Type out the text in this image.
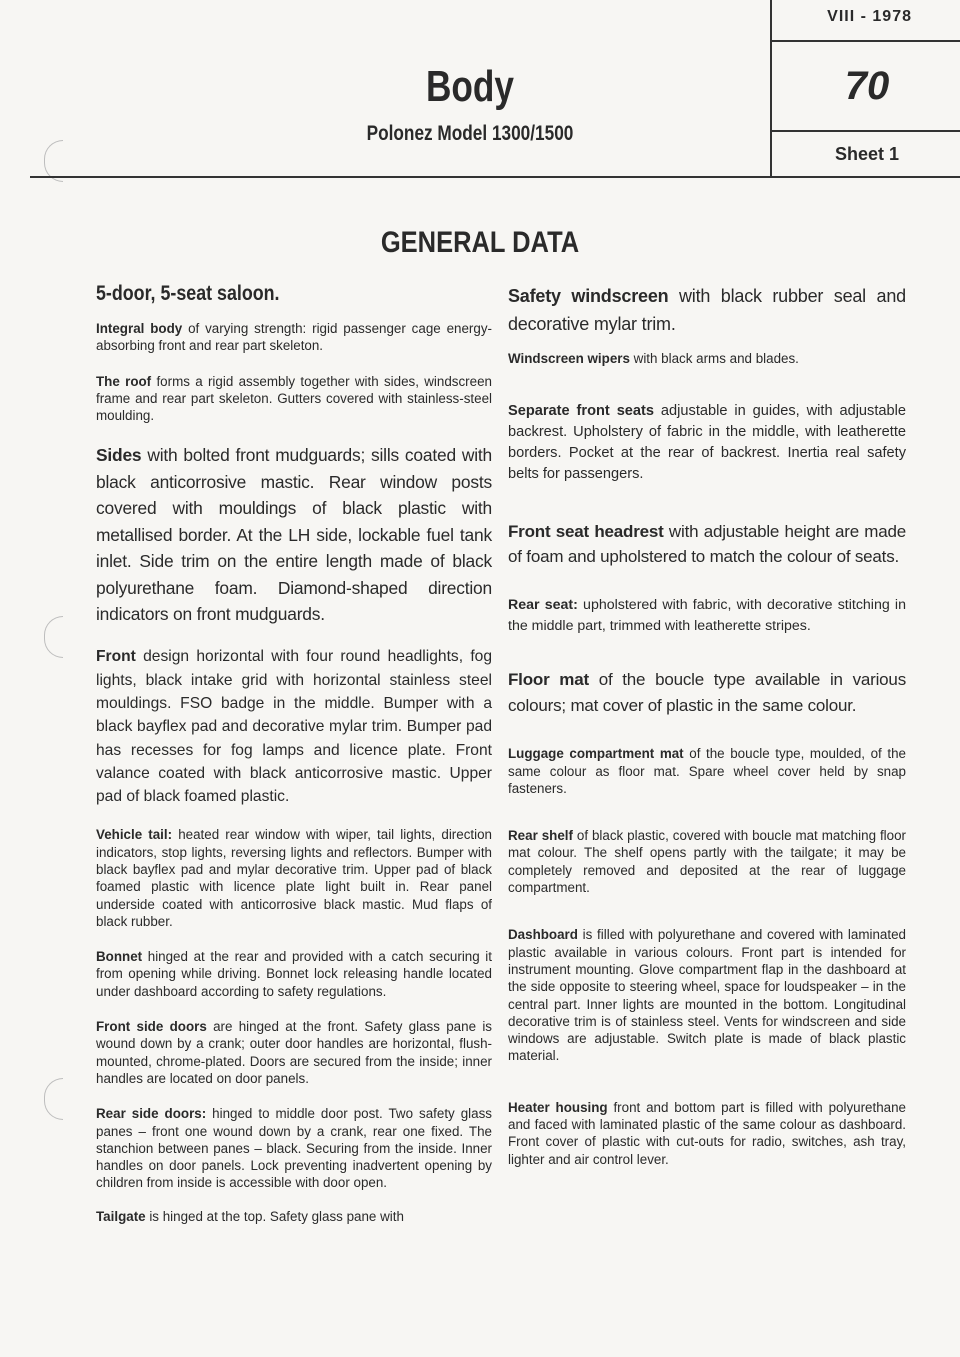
VIII - 1978
70
Sheet 1
Body
Polonez Model 1300/1500
GENERAL DATA
5-door, 5-seat saloon.

Integral body of varying strength: rigid passenger cage energy-absorbing front and rear part skeleton.

The roof forms a rigid assembly together with sides, windscreen frame and rear part skeleton. Gutters covered with stainless-steel moulding.

Sides with bolted front mudguards; sills coated with black anticorrosive mastic. Rear window posts covered with mouldings of black plastic with metallised border. At the LH side, lockable fuel tank inlet. Side trim on the entire length made of black polyurethane foam. Diamond-shaped direction indicators on front mudguards.

Front design horizontal with four round headlights, fog lights, black intake grid with horizontal stainless steel mouldings. FSO badge in the middle. Bumper with a black bayflex pad and decorative mylar trim. Bumper pad has recesses for fog lamps and licence plate. Front valance coated with black anticorrosive mastic. Upper pad of black foamed plastic.

Vehicle tail: heated rear window with wiper, tail lights, direction indicators, stop lights, reversing lights and reflectors. Bumper with black bayflex pad and mylar decorative trim. Upper pad of black foamed plastic with licence plate light built in. Rear panel underside coated with anticorrosive black mastic. Mud flaps of black rubber.

Bonnet hinged at the rear and provided with a catch securing it from opening while driving. Bonnet lock releasing handle located under dashboard according to safety regulations.

Front side doors are hinged at the front. Safety glass pane is wound down by a crank; outer door handles are horizontal, flush-mounted, chrome-plated. Doors are secured from the inside; inner handles are located on door panels.

Rear side doors: hinged to middle door post. Two safety glass panes – front one wound down by a crank, rear one fixed. The stanchion between panes – black. Securing from the inside. Inner handles on door panels. Lock preventing inadvertent opening by children from inside is accessible with door open.

Tailgate is hinged at the top. Safety glass pane with

Safety windscreen with black rubber seal and decorative mylar trim.

Windscreen wipers with black arms and blades.

Separate front seats adjustable in guides, with adjustable backrest. Upholstery of fabric in the middle, with leatherette borders. Pocket at the rear of backrest. Inertia real safety belts for passengers.

Front seat headrest with adjustable height are made of foam and upholstered to match the colour of seats.

Rear seat: upholstered with fabric, with decorative stitching in the middle part, trimmed with leatherette stripes.

Floor mat of the boucle type available in various colours; mat cover of plastic in the same colour.

Luggage compartment mat of the boucle type, moulded, of the same colour as floor mat. Spare wheel cover held by snap fasteners.

Rear shelf of black plastic, covered with boucle mat matching floor mat colour. The shelf opens partly with the tailgate; it may be completely removed and deposited at the rear of luggage compartment.

Dashboard is filled with polyurethane and covered with laminated plastic available in various colours. Front part is intended for instrument mounting. Glove compartment flap in the dashboard at the side opposite to steering wheel, space for loudspeaker – in the central part. Inner lights are mounted in the bottom. Longitudinal decorative trim is of stainless steel. Vents for windscreen and side windows are adjustable. Switch plate is made of black plastic material.

Heater housing front and bottom part is filled with polyurethane and faced with laminated plastic of the same colour as dashboard. Front cover of plastic with cut-outs for radio, switches, ash tray, lighter and air control lever.
